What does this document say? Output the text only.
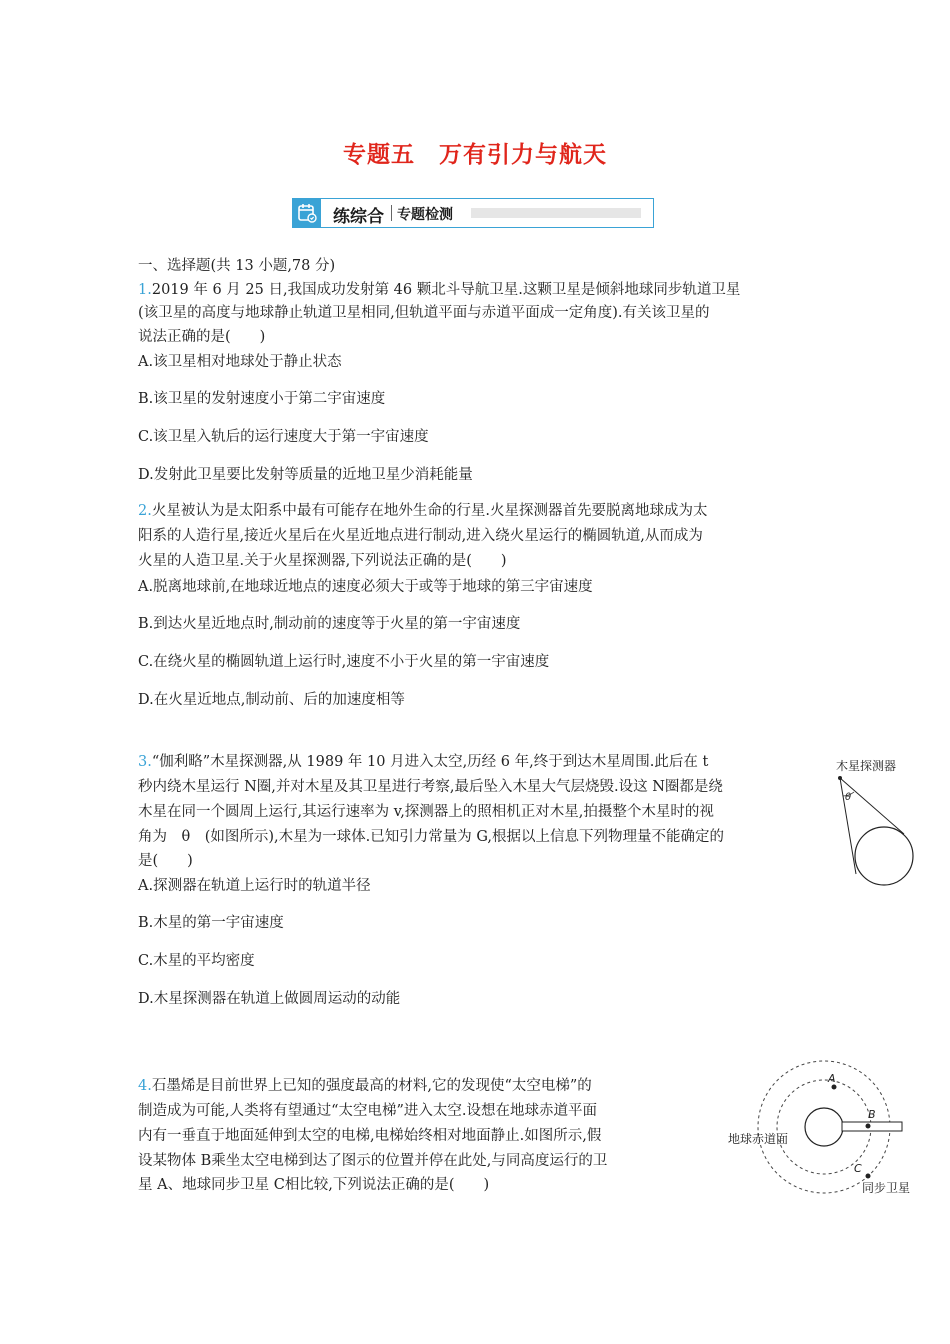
专题五　万有引力与航天
练综合 专题检测
一、选择题(共 13 小题,78 分)
1.2019 年 6 月 25 日,我国成功发射第 46 颗北斗导航卫星.这颗卫星是倾斜地球同步轨道卫星
(该卫星的高度与地球静止轨道卫星相同,但轨道平面与赤道平面成一定角度).有关该卫星的
说法正确的是(　　)
A.该卫星相对地球处于静止状态
B.该卫星的发射速度小于第二宇宙速度
C.该卫星入轨后的运行速度大于第一宇宙速度
D.发射此卫星要比发射等质量的近地卫星少消耗能量
2.火星被认为是太阳系中最有可能存在地外生命的行星.火星探测器首先要脱离地球成为太
阳系的人造行星,接近火星后在火星近地点进行制动,进入绕火星运行的椭圆轨道,从而成为
火星的人造卫星.关于火星探测器,下列说法正确的是(　　)
A.脱离地球前,在地球近地点的速度必须大于或等于地球的第三宇宙速度
B.到达火星近地点时,制动前的速度等于火星的第一宇宙速度
C.在绕火星的椭圆轨道上运行时,速度不小于火星的第一宇宙速度
D.在火星近地点,制动前、后的加速度相等
3.“伽利略”木星探测器,从 1989 年 10 月进入太空,历经 6 年,终于到达木星周围.此后在 t
秒内绕木星运行 N圈,并对木星及其卫星进行考察,最后坠入木星大气层烧毁.设这 N圈都是绕
木星在同一个圆周上运行,其运行速率为 v,探测器上的照相机正对木星,拍摄整个木星时的视
角为　θ　(如图所示),木星为一球体.已知引力常量为 G,根据以上信息下列物理量不能确定的
是(　　)
A.探测器在轨道上运行时的轨道半径
B.木星的第一宇宙速度
C.木星的平均密度
D.木星探测器在轨道上做圆周运动的动能
木星探测器
θ
4.石墨烯是目前世界上已知的强度最高的材料,它的发现使“太空电梯”的
制造成为可能,人类将有望通过“太空电梯”进入太空.设想在地球赤道平面
内有一垂直于地面延伸到太空的电梯,电梯始终相对地面静止.如图所示,假
设某物体 B乘坐太空电梯到达了图示的位置并停在此处,与同高度运行的卫
星 A、地球同步卫星 C相比较,下列说法正确的是(　　)
A
B
C
地球赤道面
同步卫星
